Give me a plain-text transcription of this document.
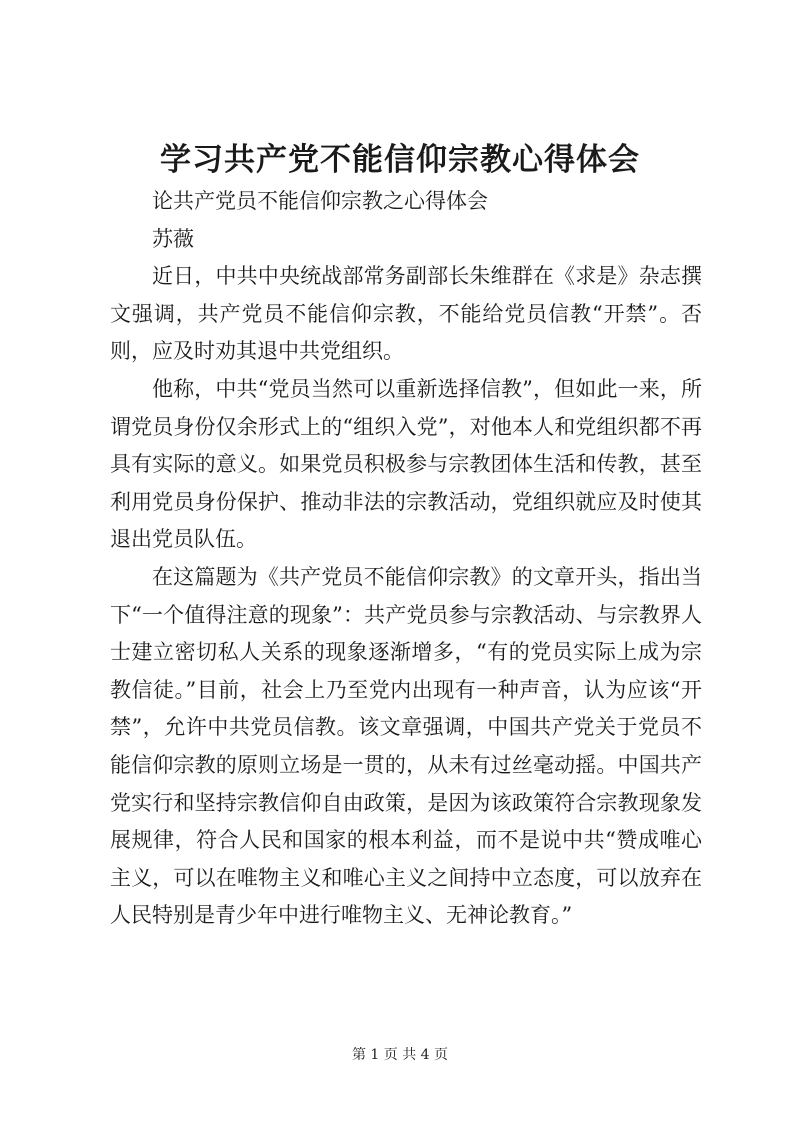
学习共产党不能信仰宗教心得体会

论共产党员不能信仰宗教之心得体会

苏薇

近日，中共中央统战部常务副部长朱维群在《求是》杂志撰文强调，共产党员不能信仰宗教，不能给党员信教“开禁”。否则，应及时劝其退中共党组织。

他称，中共“党员当然可以重新选择信教”，但如此一来，所谓党员身份仅余形式上的“组织入党”，对他本人和党组织都不再具有实际的意义。如果党员积极参与宗教团体生活和传教，甚至利用党员身份保护、推动非法的宗教活动，党组织就应及时使其退出党员队伍。

在这篇题为《共产党员不能信仰宗教》的文章开头，指出当下“一个值得注意的现象”：共产党员参与宗教活动、与宗教界人士建立密切私人关系的现象逐渐增多，“有的党员实际上成为宗教信徒。”目前，社会上乃至党内出现有一种声音，认为应该“开禁”，允许中共党员信教。该文章强调，中国共产党关于党员不能信仰宗教的原则立场是一贯的，从未有过丝毫动摇。中国共产党实行和坚持宗教信仰自由政策，是因为该政策符合宗教现象发展规律，符合人民和国家的根本利益，而不是说中共“赞成唯心主义，可以在唯物主义和唯心主义之间持中立态度，可以放弃在人民特别是青少年中进行唯物主义、无神论教育。”

第 1 页 共 4 页
